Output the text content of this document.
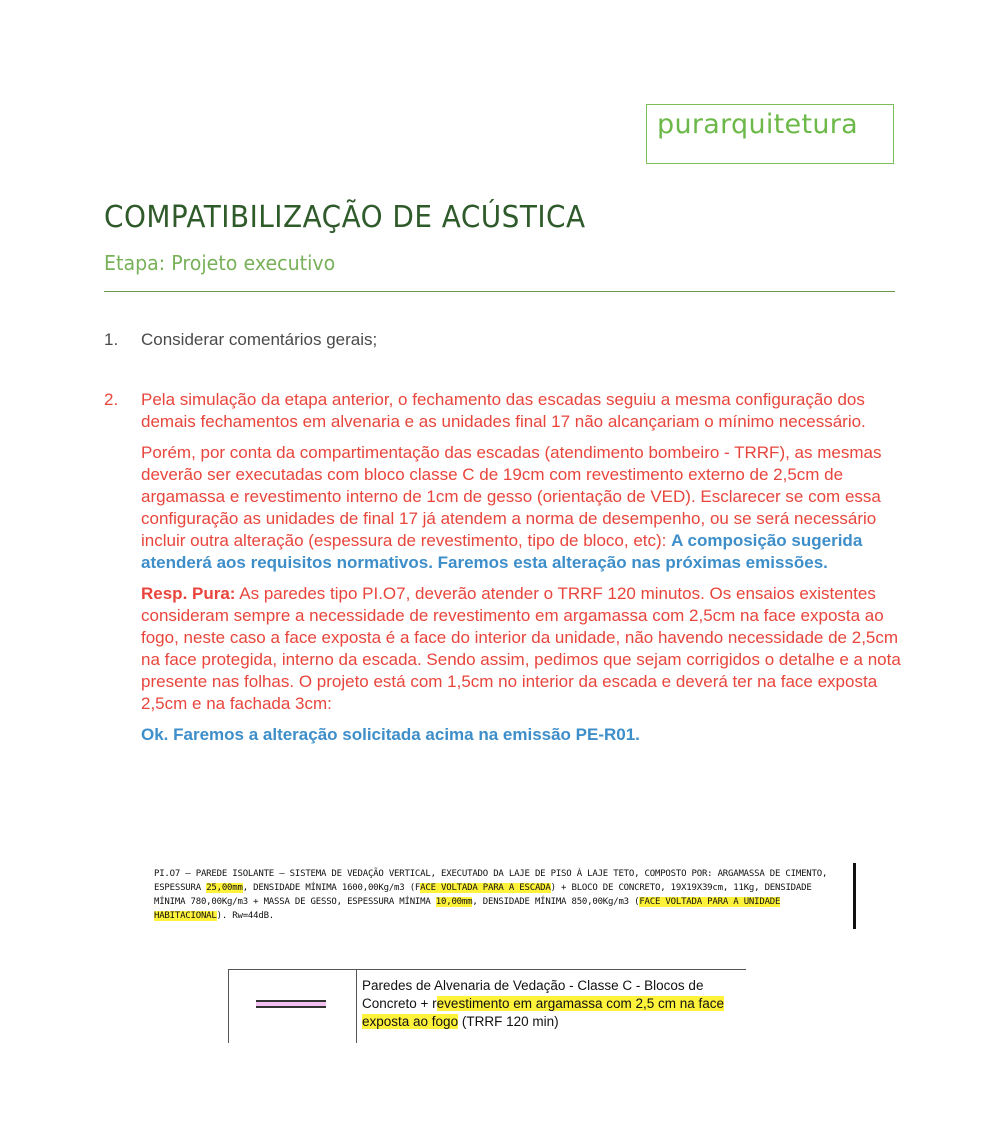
purarquitetura
COMPATIBILIZAÇÃO DE ACÚSTICA
Etapa: Projeto executivo
1.	Considerar comentários gerais;
2.	Pela simulação da etapa anterior, o fechamento das escadas seguiu a mesma configuração dos demais fechamentos em alvenaria e as unidades final 17 não alcançariam o mínimo necessário.

Porém, por conta da compartimentação das escadas (atendimento bombeiro - TRRF), as mesmas deverão ser executadas com bloco classe C de 19cm com revestimento externo de 2,5cm de argamassa e revestimento interno de 1cm de gesso (orientação de VED). Esclarecer se com essa configuração as unidades de final 17 já atendem a norma de desempenho, ou se será necessário incluir outra alteração (espessura de revestimento, tipo de bloco, etc): A composição sugerida atenderá aos requisitos normativos. Faremos esta alteração nas próximas emissões.

Resp. Pura: As paredes tipo PI.O7, deverão atender o TRRF 120 minutos. Os ensaios existentes consideram sempre a necessidade de revestimento em argamassa com 2,5cm na face exposta ao fogo, neste caso a face exposta é a face do interior da unidade, não havendo necessidade de 2,5cm na face protegida, interno da escada. Sendo assim, pedimos que sejam corrigidos o detalhe e a nota presente nas folhas. O projeto está com 1,5cm no interior da escada e deverá ter na face exposta 2,5cm e na fachada 3cm:

Ok. Faremos a alteração solicitada acima na emissão PE-R01.

PI.O7 – PAREDE ISOLANTE – SISTEMA DE VEDAÇÃO VERTICAL, EXECUTADO DA LAJE DE PISO À LAJE TETO, COMPOSTO POR: ARGAMASSA DE CIMENTO, ESPESSURA 25,00mm, DENSIDADE MÍNIMA 1600,00Kg/m3 (FACE VOLTADA PARA A ESCADA) + BLOCO DE CONCRETO, 19X19X39cm, 11Kg, DENSIDADE MÍNIMA 780,00Kg/m3 + MASSA DE GESSO, ESPESSURA MÍNIMA 10,00mm, DENSIDADE MÍNIMA 850,00Kg/m3 (FACE VOLTADA PARA A UNIDADE HABITACIONAL). Rw=44dB.
Paredes de Alvenaria de Vedação - Classe C - Blocos de Concreto + revestimento em argamassa com 2,5 cm na face exposta ao fogo (TRRF 120 min)
